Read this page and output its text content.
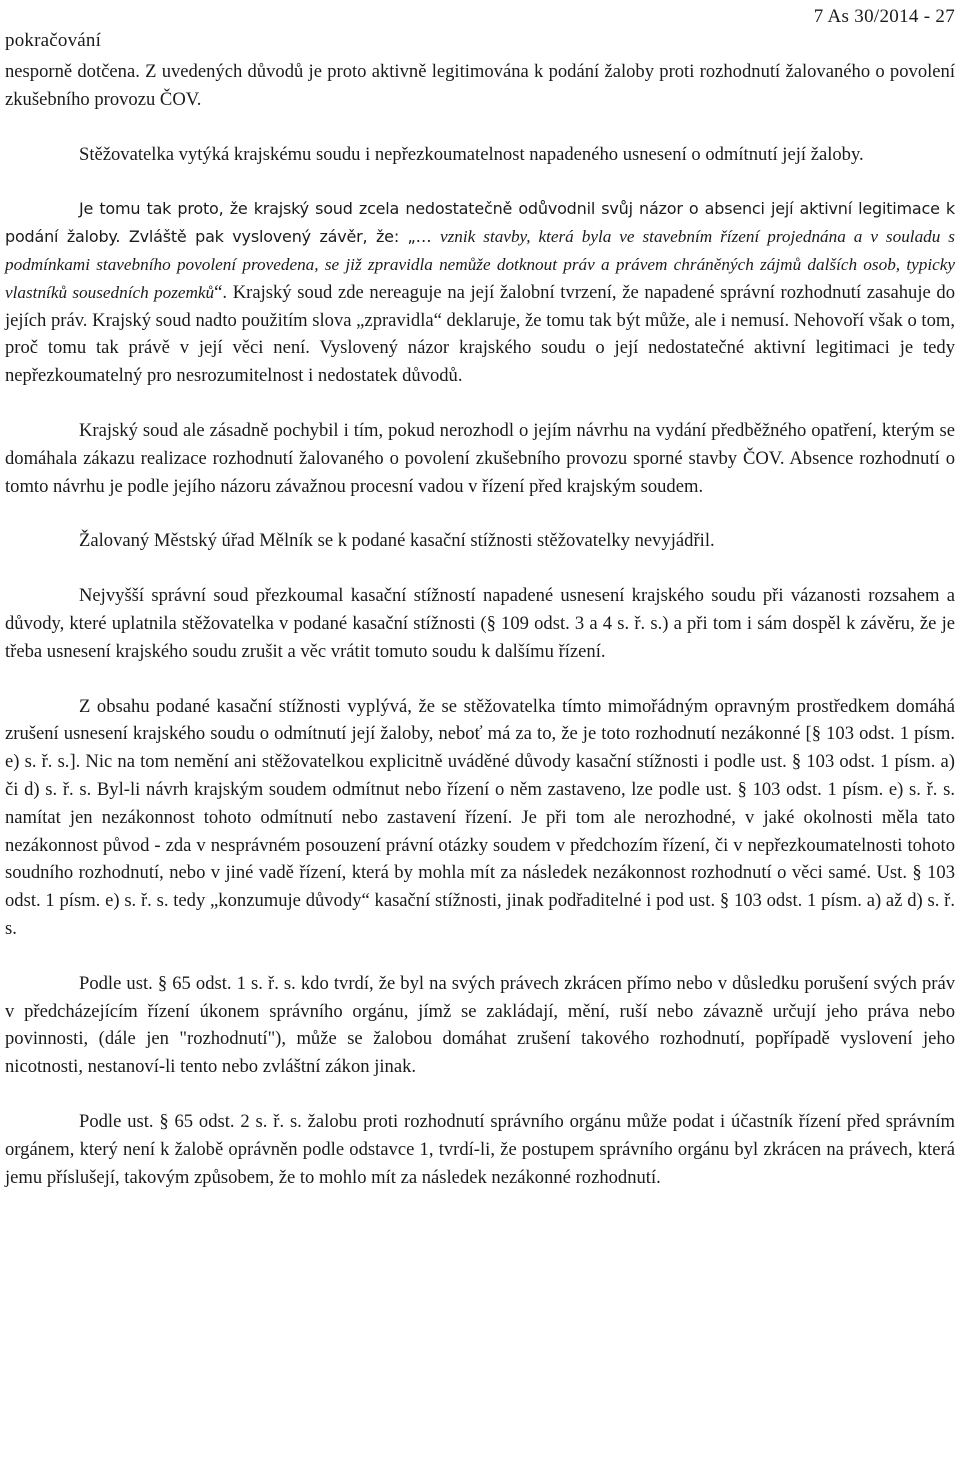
pokračování
7 As 30/2014 - 27

nesporně dotčena. Z uvedených důvodů je proto aktivně legitimována k podání žaloby proti rozhodnutí žalovaného o povolení zkušebního provozu ČOV.

Stěžovatelka vytýká krajskému soudu i nepřezkoumatelnost napadeného usnesení o odmítnutí její žaloby.

Je tomu tak proto, že krajský soud zcela nedostatečně odůvodnil svůj názor o absenci její aktivní legitimace k podání žaloby. Zvláště pak vyslovený závěr, že: „… vznik stavby, která byla ve stavebním řízení projednána a v souladu s podmínkami stavebního povolení provedena, se již zpravidla nemůže dotknout práv a právem chráněných zájmů dalších osob, typicky vlastníků sousedních pozemků“. Krajský soud zde nereaguje na její žalobní tvrzení, že napadené správní rozhodnutí zasahuje do jejích práv. Krajský soud nadto použitím slova „zpravidla“ deklaruje, že tomu tak být může, ale i nemusí. Nehovoří však o tom, proč tomu tak právě v její věci není. Vyslovený názor krajského soudu o její nedostatečné aktivní legitimaci je tedy nepřezkoumatelný pro nesrozumitelnost i nedostatek důvodů.

Krajský soud ale zásadně pochybil i tím, pokud nerozhodl o jejím návrhu na vydání předběžného opatření, kterým se domáhala zákazu realizace rozhodnutí žalovaného o povolení zkušebního provozu sporné stavby ČOV. Absence rozhodnutí o tomto návrhu je podle jejího názoru závažnou procesní vadou v řízení před krajským soudem.

Žalovaný Městský úřad Mělník se k podané kasační stížnosti stěžovatelky nevyjádřil.

Nejvyšší správní soud přezkoumal kasační stížností napadené usnesení krajského soudu při vázanosti rozsahem a důvody, které uplatnila stěžovatelka v podané kasační stížnosti (§ 109 odst. 3 a 4 s. ř. s.) a při tom i sám dospěl k závěru, že je třeba usnesení krajského soudu zrušit a věc vrátit tomuto soudu k dalšímu řízení.

Z obsahu podané kasační stížnosti vyplývá, že se stěžovatelka tímto mimořádným opravným prostředkem domáhá zrušení usnesení krajského soudu o odmítnutí její žaloby, neboť má za to, že je toto rozhodnutí nezákonné [§ 103 odst. 1 písm. e) s. ř. s.]. Nic na tom nemění ani stěžovatelkou explicitně uváděné důvody kasační stížnosti i podle ust. § 103 odst. 1 písm. a) či d) s. ř. s. Byl-li návrh krajským soudem odmítnut nebo řízení o něm zastaveno, lze podle ust. § 103 odst. 1 písm. e) s. ř. s. namítat jen nezákonnost tohoto odmítnutí nebo zastavení řízení. Je při tom ale nerozhodné, v jaké okolnosti měla tato nezákonnost původ - zda v nesprávném posouzení právní otázky soudem v předchozím řízení, či v nepřezkoumatelnosti tohoto soudního rozhodnutí, nebo v jiné vadě řízení, která by mohla mít za následek nezákonnost rozhodnutí o věci samé. Ust. § 103 odst. 1 písm. e) s. ř. s. tedy „konzumuje důvody“ kasační stížnosti, jinak podřaditelné i pod ust. § 103 odst. 1 písm. a) až d) s. ř. s.

Podle ust. § 65 odst. 1 s. ř. s. kdo tvrdí, že byl na svých právech zkrácen přímo nebo v důsledku porušení svých práv v předcházejícím řízení úkonem správního orgánu, jímž se zakládají, mění, ruší nebo závazně určují jeho práva nebo povinnosti, (dále jen "rozhodnutí"), může se žalobou domáhat zrušení takového rozhodnutí, popřípadě vyslovení jeho nicotnosti, nestanoví-li tento nebo zvláštní zákon jinak.

Podle ust. § 65 odst. 2 s. ř. s. žalobu proti rozhodnutí správního orgánu může podat i účastník řízení před správním orgánem, který není k žalobě oprávněn podle odstavce 1, tvrdí-li, že postupem správního orgánu byl zkrácen na právech, která jemu příslušejí, takovým způsobem, že to mohlo mít za následek nezákonné rozhodnutí.
